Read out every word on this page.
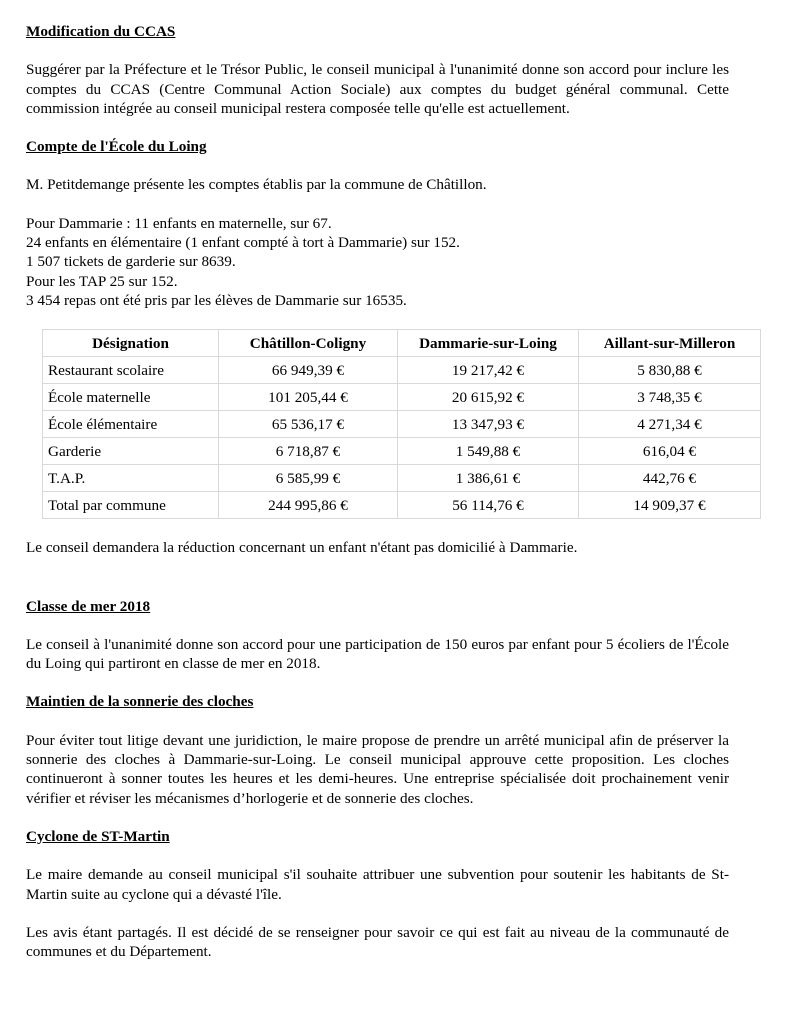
Modification du CCAS

Suggérer par la Préfecture et le Trésor Public, le conseil municipal à l'unanimité donne son accord pour inclure les comptes du CCAS (Centre Communal Action Sociale) aux comptes du budget général communal. Cette commission intégrée au conseil municipal restera composée telle qu'elle est actuellement.

Compte de l'École du Loing

M. Petitdemange présente les comptes établis par la commune de Châtillon.

Pour Dammarie : 11 enfants en maternelle, sur 67.
24 enfants en élémentaire (1 enfant compté à tort à Dammarie) sur 152.
1 507 tickets de garderie sur 8639.
Pour les TAP 25 sur 152.
3 454 repas ont été pris par les élèves de Dammarie sur 16535.
Désignation	Châtillon-Coligny	Dammarie-sur-Loing	Aillant-sur-Milleron
Restaurant scolaire	66 949,39 €	19 217,42 €	5 830,88 €
École maternelle	101 205,44 €	20 615,92 €	3 748,35 €
École élémentaire	65 536,17 €	13 347,93 €	4 271,34 €
Garderie	6 718,87 €	1 549,88 €	616,04 €
T.A.P.	6 585,99 €	1 386,61 €	442,76 €
Total par commune	244 995,86 €	56 114,76 €	14 909,37 €

Le conseil demandera la réduction concernant un enfant n'étant pas domicilié à Dammarie.

Classe de mer 2018

Le conseil à l'unanimité donne son accord pour une participation de 150 euros par enfant pour 5 écoliers de l'École du Loing qui partiront en classe de mer en 2018.

Maintien de la sonnerie des cloches

Pour éviter tout litige devant une juridiction, le maire propose de prendre un arrêté municipal afin de préserver la sonnerie des cloches à Dammarie-sur-Loing. Le conseil municipal approuve cette proposition. Les cloches continueront à sonner toutes les heures et les demi-heures. Une entreprise spécialisée doit prochainement venir vérifier et réviser les mécanismes d’horlogerie et de sonnerie des cloches.

Cyclone de ST-Martin

Le maire demande au conseil municipal s'il souhaite attribuer une subvention pour soutenir les habitants de St-Martin suite au cyclone qui a dévasté l'île.

Les avis étant partagés. Il est décidé de se renseigner pour savoir ce qui est fait au niveau de la communauté de communes et du Département.
